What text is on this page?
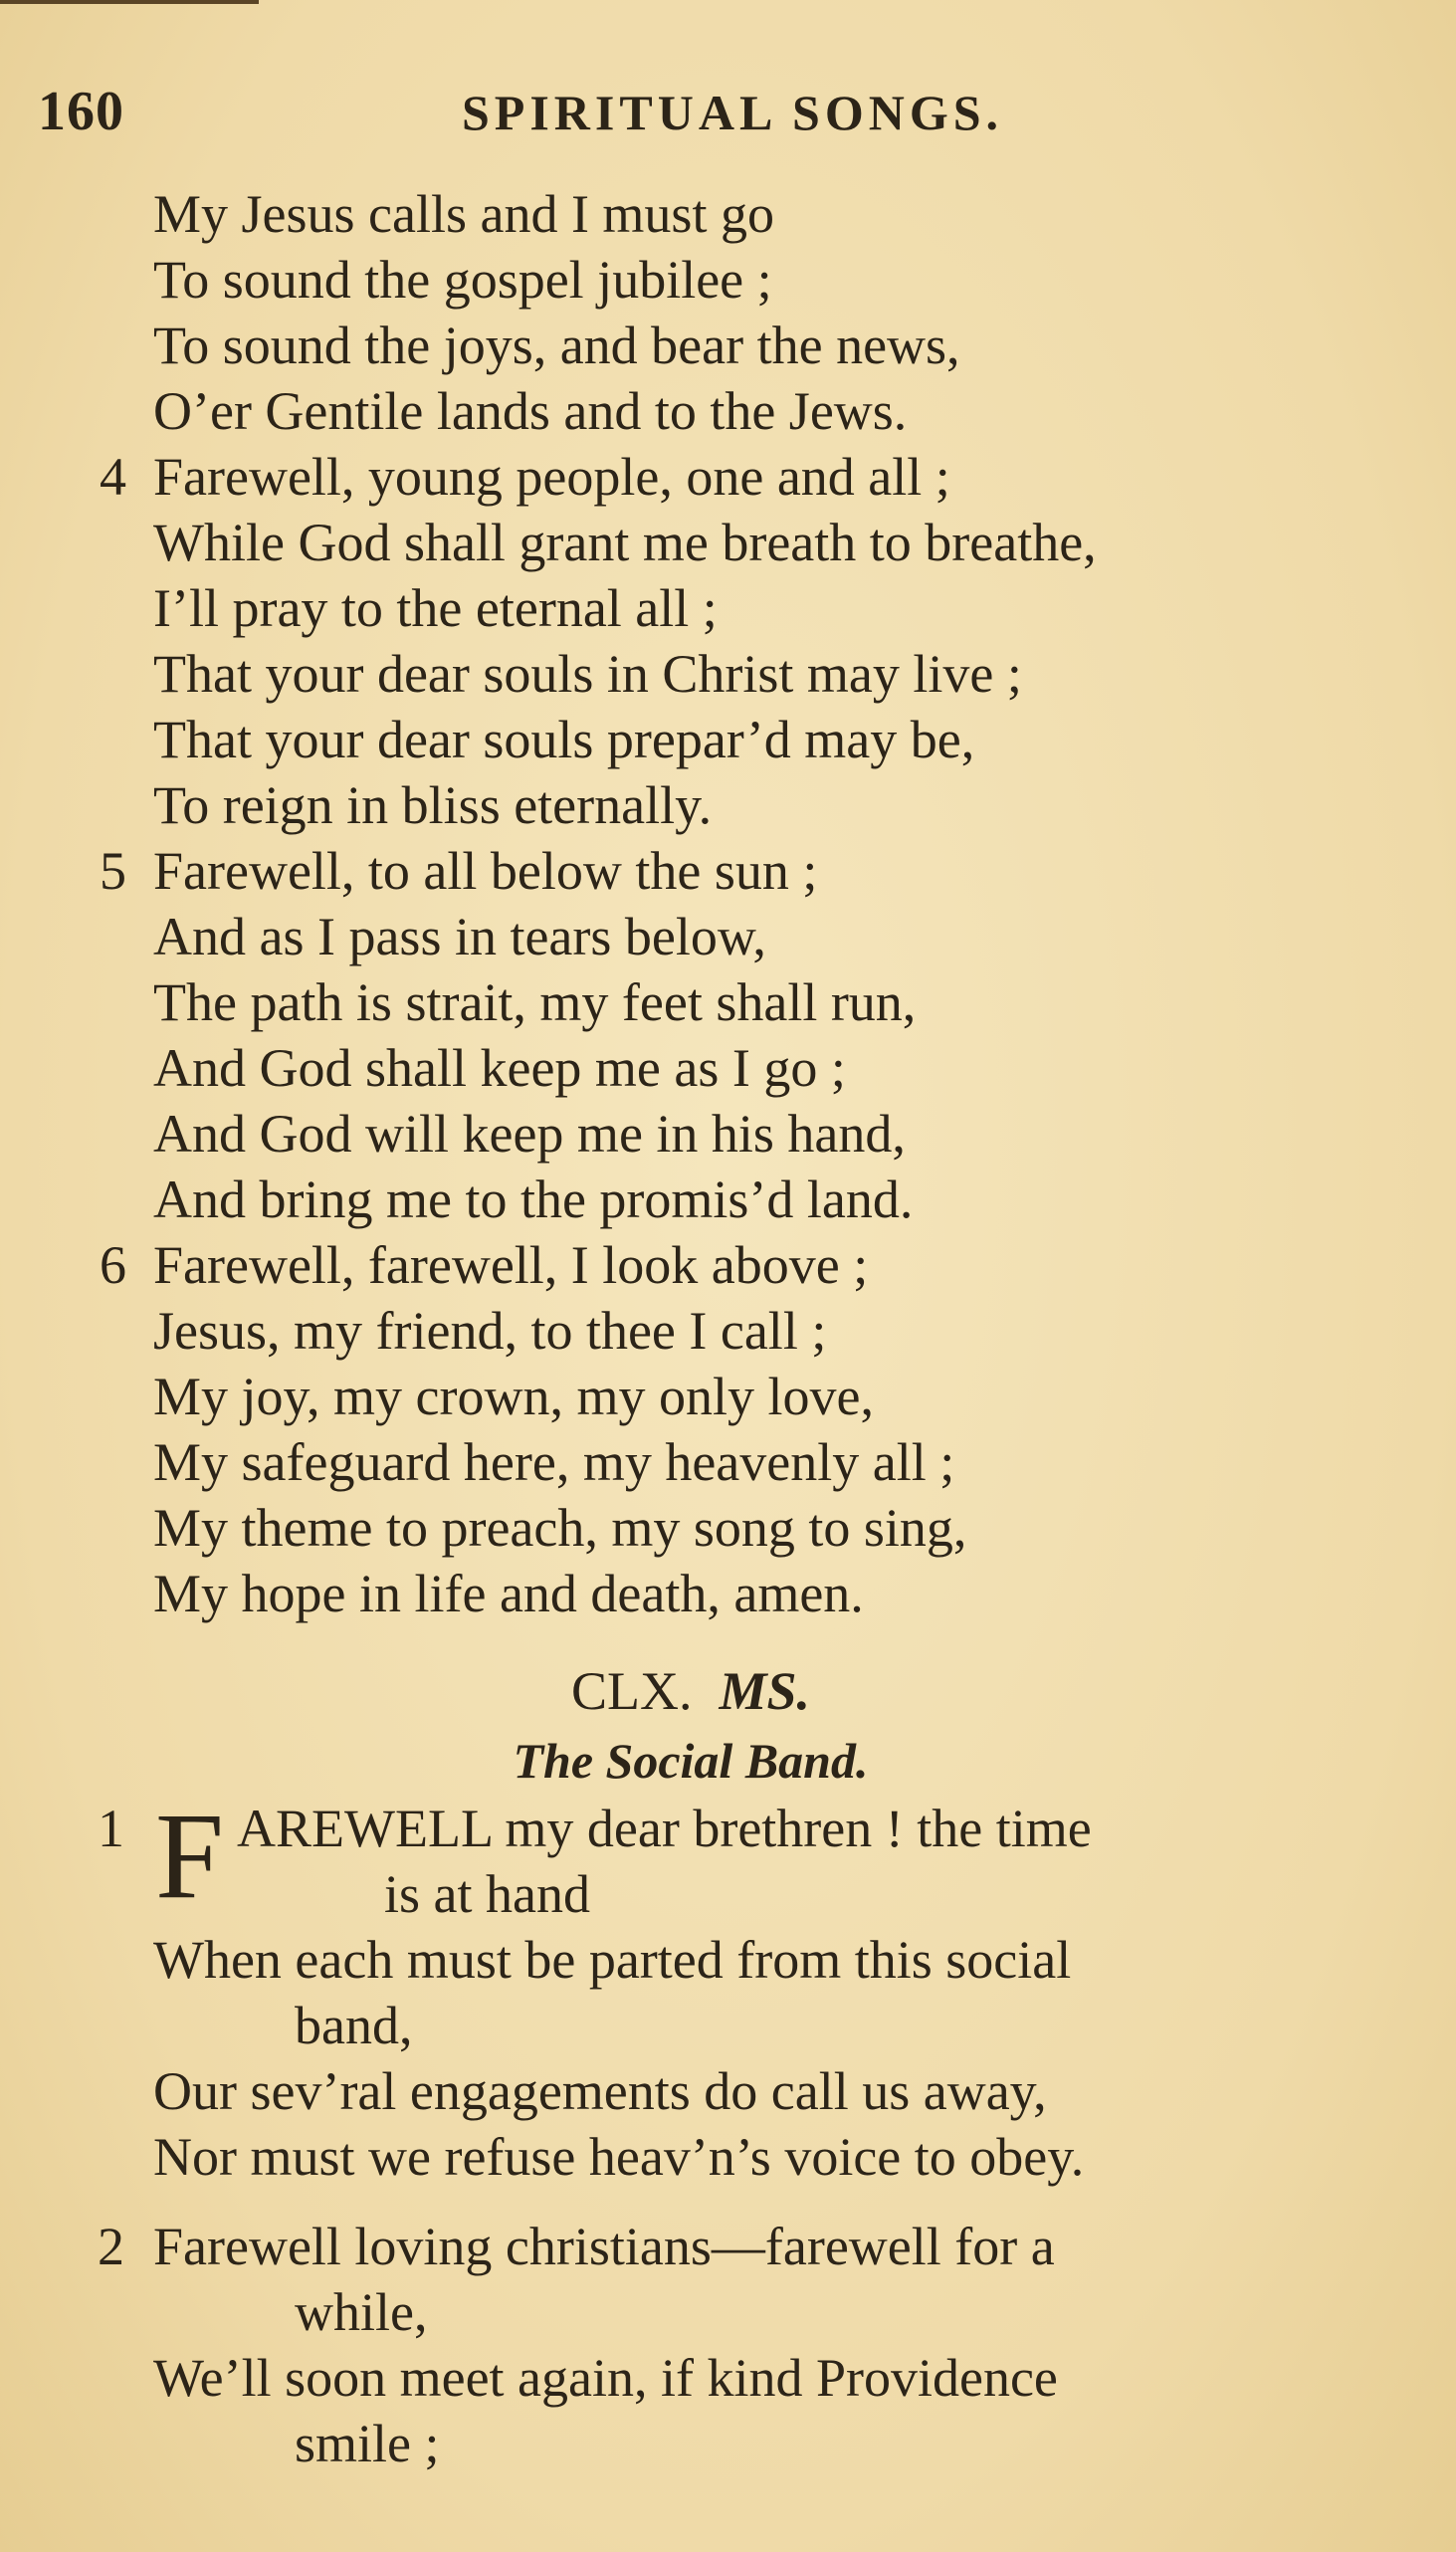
160	SPIRITUAL SONGS.
My Jesus calls and I must go
To sound the gospel jubilee ;
To sound the joys, and bear the news,
O’er Gentile lands and to the Jews.
4 Farewell, young people, one and all ;
While God shall grant me breath to breathe,
I’ll pray to the eternal all ;
That your dear souls in Christ may live ;
That your dear souls prepar’d may be,
To reign in bliss eternally.
5 Farewell, to all below the sun ;
And as I pass in tears below,
The path is strait, my feet shall run,
And God shall keep me as I go ;
And God will keep me in his hand,
And bring me to the promis’d land.
6 Farewell, farewell, I look above ;
Jesus, my friend, to thee I call ;
My joy, my crown, my only love,
My safeguard here, my heavenly all ;
My theme to preach, my song to sing,
My hope in life and death, amen.
CLX. MS.
The Social Band.
1 F AREWELL my dear brethren ! the time
is at hand
When each must be parted from this social
band,
Our sev’ral engagements do call us away,
Nor must we refuse heav’n’s voice to obey.
2 Farewell loving christians—farewell for a
while,
We’ll soon meet again, if kind Providence
smile ;
